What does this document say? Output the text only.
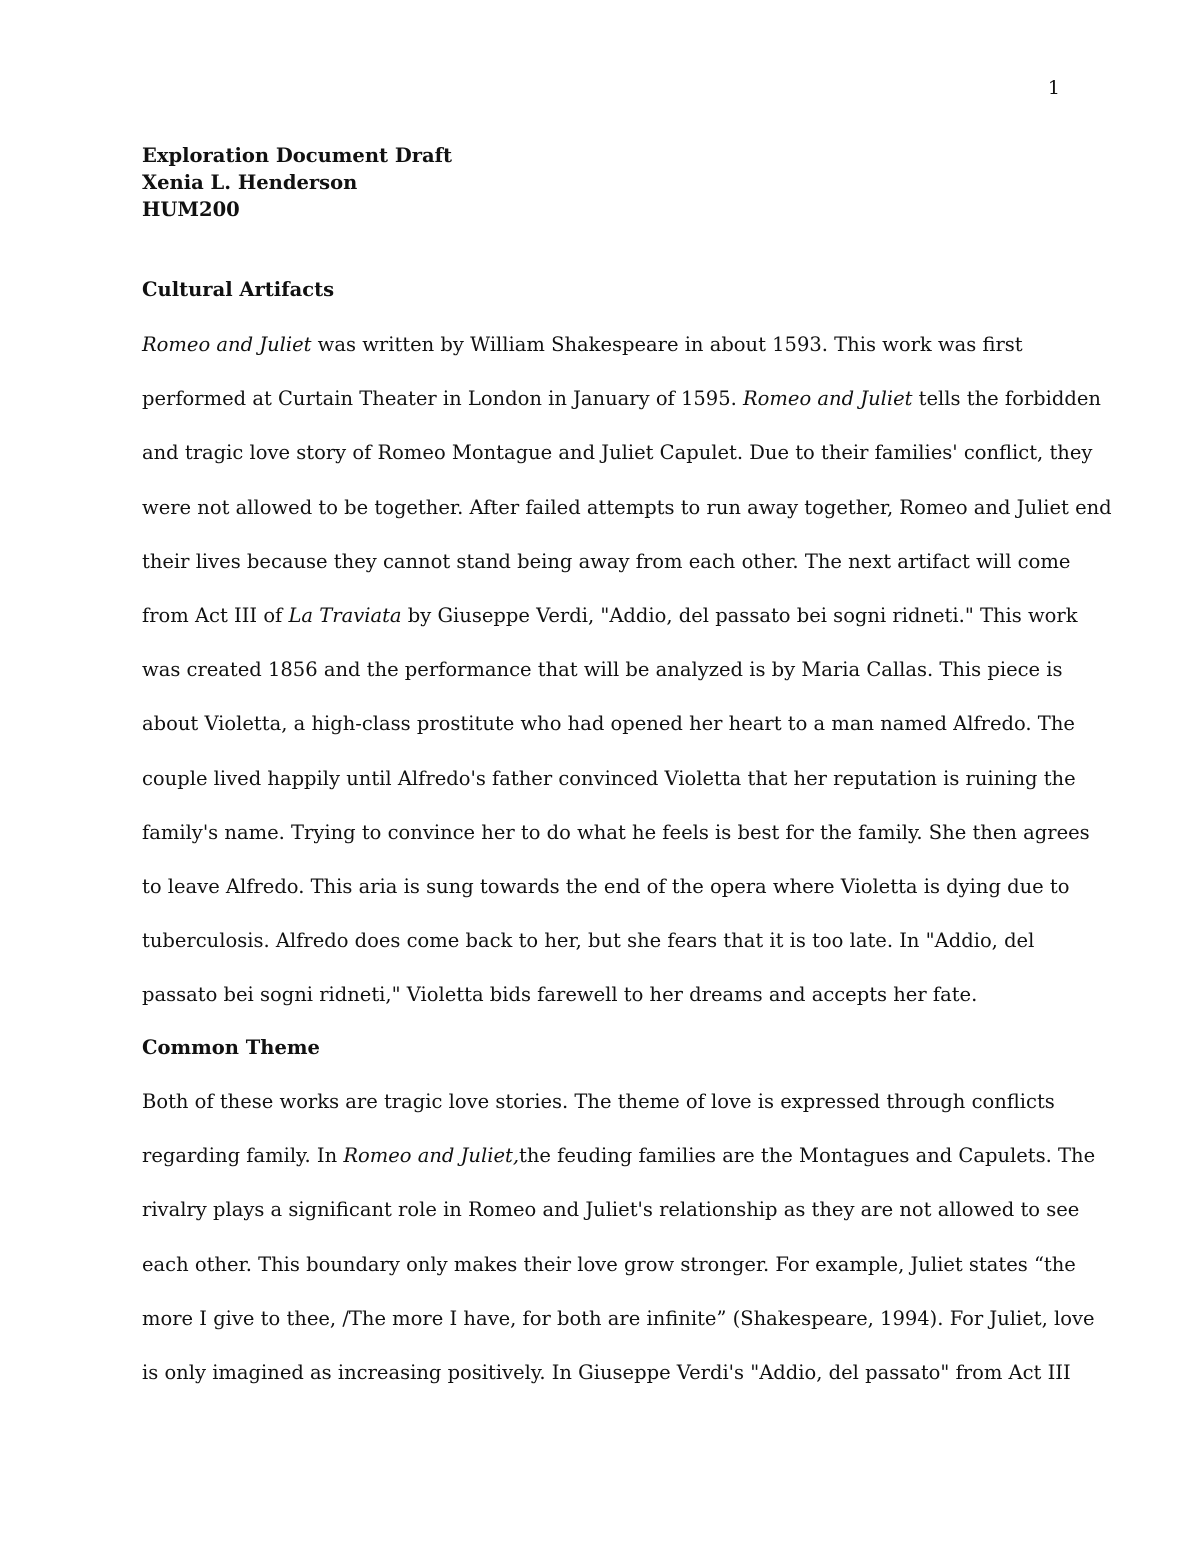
1
Exploration Document Draft
Xenia L. Henderson
HUM200
Cultural Artifacts
Romeo and Juliet was written by William Shakespeare in about 1593. This work was first
performed at Curtain Theater in London in January of 1595. Romeo and Juliet tells the forbidden
and tragic love story of Romeo Montague and Juliet Capulet. Due to their families' conflict, they
were not allowed to be together. After failed attempts to run away together, Romeo and Juliet end
their lives because they cannot stand being away from each other. The next artifact will come
from Act III of La Traviata by Giuseppe Verdi, "Addio, del passato bei sogni ridneti." This work
was created 1856 and the performance that will be analyzed is by Maria Callas. This piece is
about Violetta, a high-class prostitute who had opened her heart to a man named Alfredo. The
couple lived happily until Alfredo's father convinced Violetta that her reputation is ruining the
family's name. Trying to convince her to do what he feels is best for the family. She then agrees
to leave Alfredo. This aria is sung towards the end of the opera where Violetta is dying due to
tuberculosis. Alfredo does come back to her, but she fears that it is too late. In "Addio, del
passato bei sogni ridneti," Violetta bids farewell to her dreams and accepts her fate.
Common Theme
Both of these works are tragic love stories. The theme of love is expressed through conflicts
regarding family. In Romeo and Juliet,the feuding families are the Montagues and Capulets. The
rivalry plays a significant role in Romeo and Juliet's relationship as they are not allowed to see
each other. This boundary only makes their love grow stronger. For example, Juliet states “the
more I give to thee, /The more I have, for both are infinite” (Shakespeare, 1994). For Juliet, love
is only imagined as increasing positively. In Giuseppe Verdi's "Addio, del passato" from Act III
